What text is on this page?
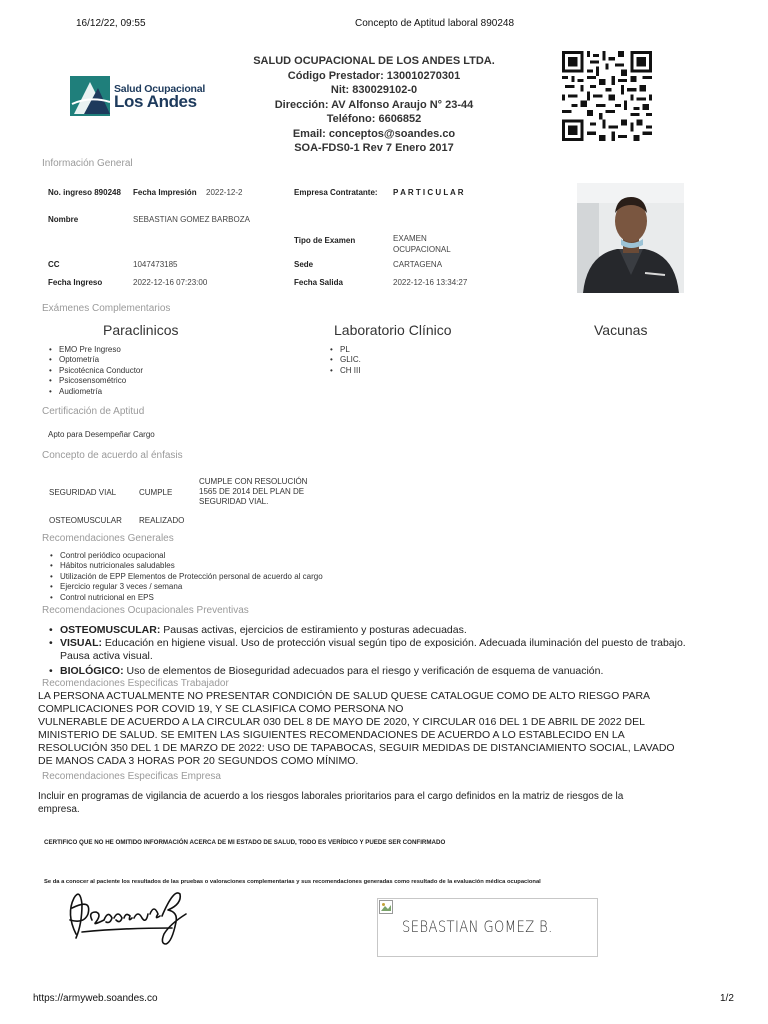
16/12/22, 09:55	Concepto de Aptitud laboral 890248
Salud Ocupacional
Los Andes
SALUD OCUPACIONAL DE LOS ANDES LTDA.
Código Prestador: 130010270301
Nit: 830029102-0
Dirección: AV Alfonso Araujo N° 23-44
Teléfono: 6606852
Email: conceptos@soandes.co
SOA-FDS0-1 Rev 7 Enero 2017
Información General
No. ingreso 890248 Fecha Impresión 2022-12-2	Empresa Contratante: P A R T I C U L A R
Nombre	SEBASTIAN GOMEZ BARBOZA
Tipo de Examen	EXAMEN
OCUPACIONAL
CC	1047473185	Sede	CARTAGENA
Fecha Ingreso	2022-12-16 07:23:00	Fecha Salida	2022-12-16 13:34:27
Exámenes Complementarios
Paraclinicos	Laboratorio Clínico	Vacunas
• EMO Pre Ingreso
• Optometría
• Psicotécnica Conductor
• Psicosensométrico
• Audiometría
• PL
• GLIC.
• CH III
Certificación de Aptitud
Apto para Desempeñar Cargo
Concepto de acuerdo al énfasis
SEGURIDAD VIAL	CUMPLE
CUMPLE CON RESOLUCIÓN
1565 DE 2014 DEL PLAN DE
SEGURIDAD VIAL.
OSTEOMUSCULAR REALIZADO
Recomendaciones Generales
• Control periódico ocupacional
• Hábitos nutricionales saludables
• Utilización de EPP Elementos de Protección personal de acuerdo al cargo
• Ejercicio regular 3 veces / semana
• Control nutricional en EPS
Recomendaciones Ocupacionales Preventivas
• OSTEOMUSCULAR: Pausas activas, ejercicios de estiramiento y posturas adecuadas.
• VISUAL: Educación en higiene visual. Uso de protección visual según tipo de exposición. Adecuada iluminación del puesto de trabajo. Pausa activa visual.
• BIOLÓGICO: Uso de elementos de Bioseguridad adecuados para el riesgo y verificación de esquema de vanuación.
Recomendaciones Especificas Trabajador
LA PERSONA ACTUALMENTE NO PRESENTAR CONDICIÓN DE SALUD QUESE CATALOGUE COMO DE ALTO RIESGO PARA
COMPLICACIONES POR COVID 19, Y SE CLASIFICA COMO PERSONA NO
VULNERABLE DE ACUERDO A LA CIRCULAR 030 DEL 8 DE MAYO DE 2020, Y CIRCULAR 016 DEL 1 DE ABRIL DE 2022 DEL
MINISTERIO DE SALUD. SE EMITEN LAS SIGUIENTES RECOMENDACIONES DE ACUERDO A LO ESTABLECIDO EN LA
RESOLUCIÓN 350 DEL 1 DE MARZO DE 2022: USO DE TAPABOCAS, SEGUIR MEDIDAS DE DISTANCIAMIENTO SOCIAL, LAVADO
DE MANOS CADA 3 HORAS POR 20 SEGUNDOS COMO MÍNIMO.
Recomendaciones Especificas Empresa
Incluir en programas de vigilancia de acuerdo a los riesgos laborales prioritarios para el cargo definidos en la matriz de riesgos de la
empresa.
CERTIFICO QUE NO HE OMITIDO INFORMACIÓN ACERCA DE MI ESTADO DE SALUD, TODO ES VERÍDICO Y PUEDE SER CONFIRMADO
Se da a conocer al paciente los resultados de las pruebas o valoraciones complementarias y sus recomendaciones generadas como resultado de la evaluación médica ocupacional
SEBASTIAN GOMEZ B.
https://armyweb.soandes.co	1/2
